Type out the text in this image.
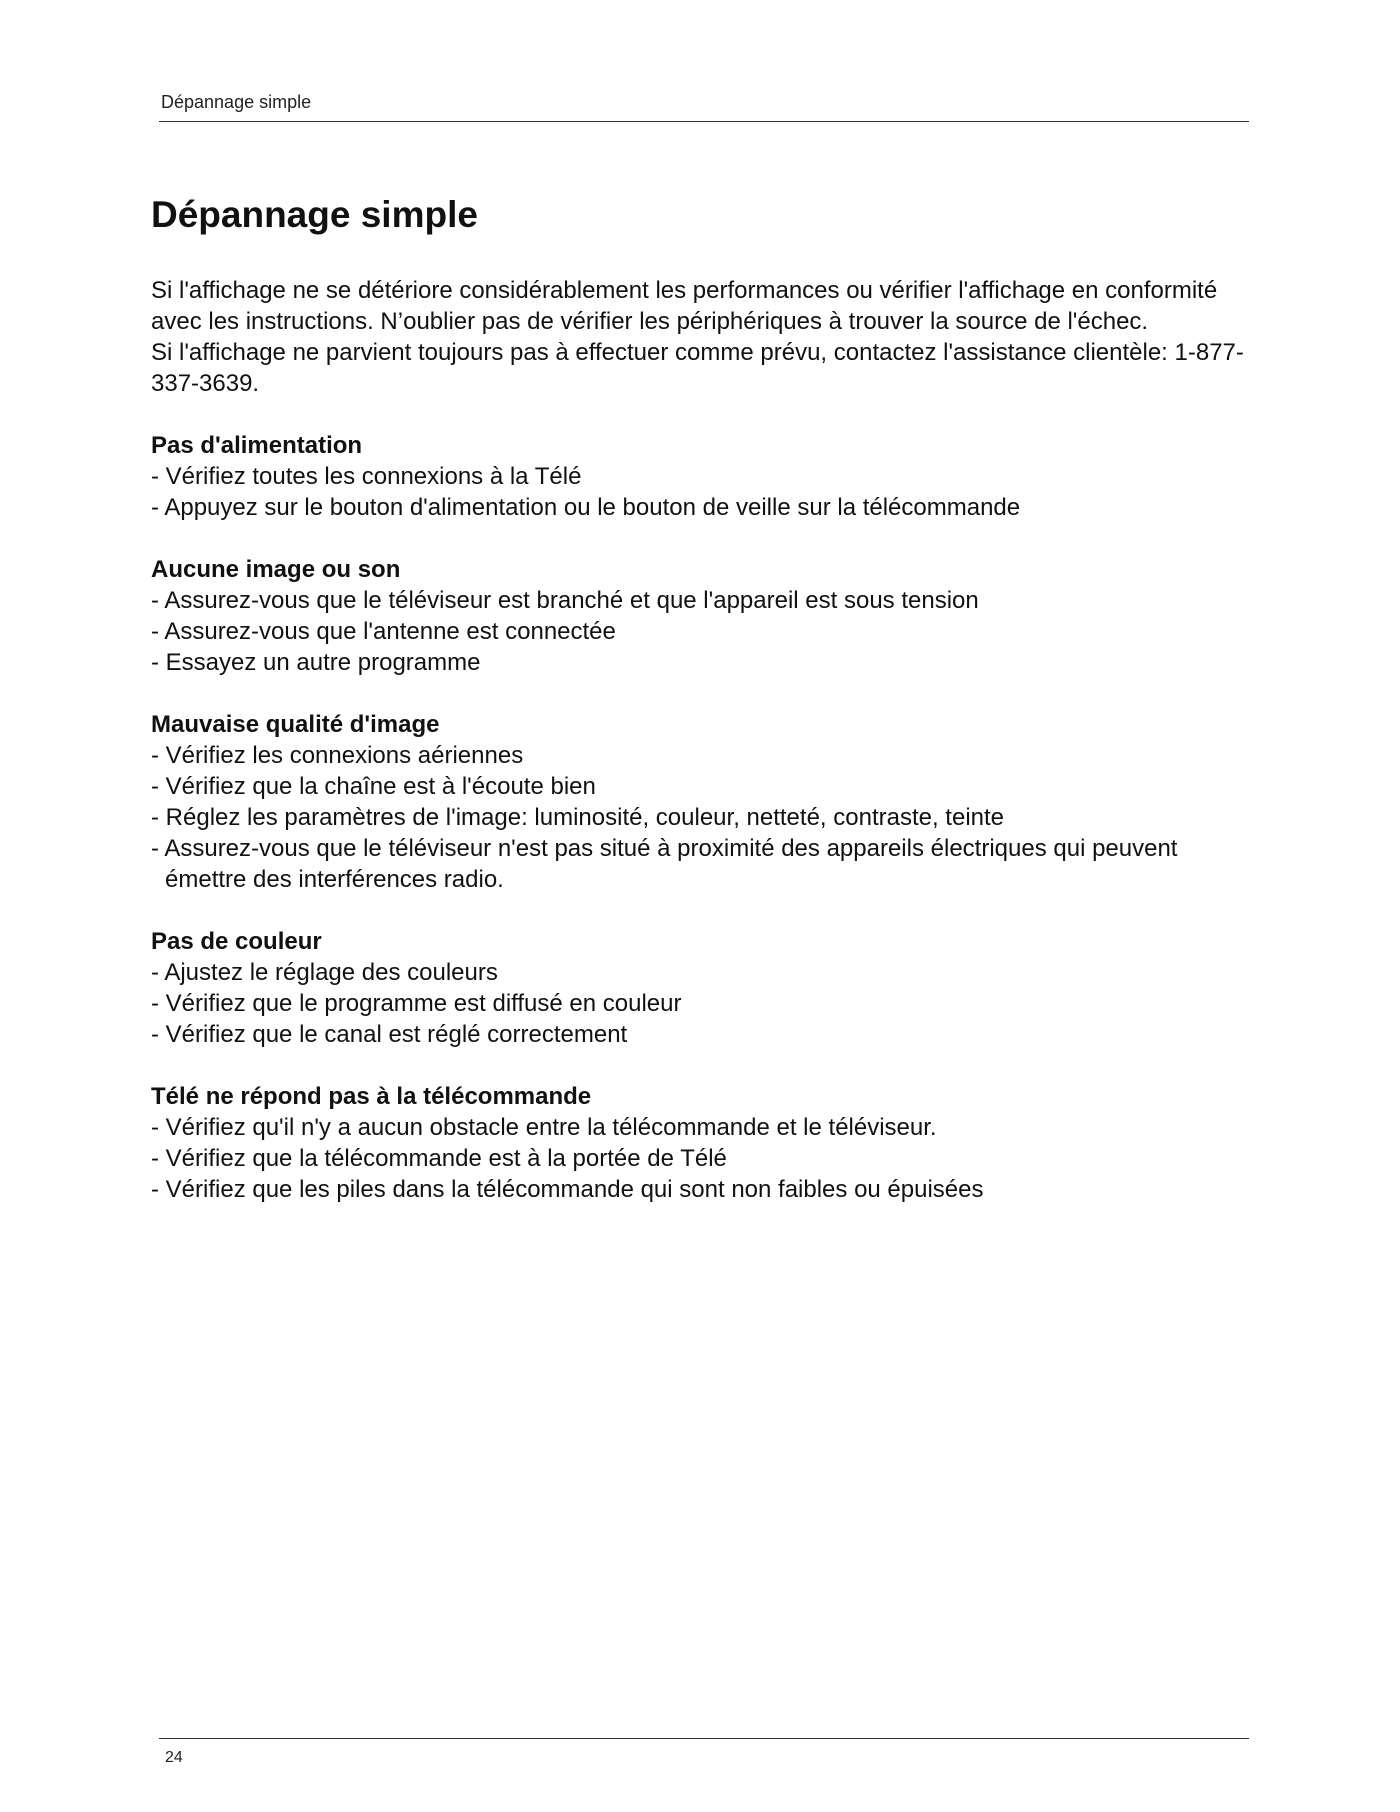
Dépannage simple
Dépannage simple

Si l'affichage ne se détériore considérablement les performances ou vérifier l'affichage en conformité avec les instructions. N’oublier pas de vérifier les périphériques à trouver la source de l'échec.

Si l'affichage ne parvient toujours pas à effectuer comme prévu, contactez l'assistance clientèle: 1-877-337-3639.

Pas d'alimentation
- Vérifiez toutes les connexions à la Télé
- Appuyez sur le bouton d'alimentation ou le bouton de veille sur la télécommande
Aucune image ou son
- Assurez-vous que le téléviseur est branché et que l'appareil est sous tension
- Assurez-vous que l'antenne est connectée
- Essayez un autre programme
Mauvaise qualité d'image
- Vérifiez les connexions aériennes
- Vérifiez que la chaîne est à l'écoute bien
- Réglez les paramètres de l'image: luminosité, couleur, netteté, contraste, teinte
- Assurez-vous que le téléviseur n'est pas situé à proximité des appareils électriques qui peuvent émettre des interférences radio.
Pas de couleur
- Ajustez le réglage des couleurs
- Vérifiez que le programme est diffusé en couleur
- Vérifiez que le canal est réglé correctement
Télé ne répond pas à la télécommande
- Vérifiez qu'il n'y a aucun obstacle entre la télécommande et le téléviseur.
- Vérifiez que la télécommande est à la portée de Télé
- Vérifiez que les piles dans la télécommande qui sont non faibles ou épuisées
24
